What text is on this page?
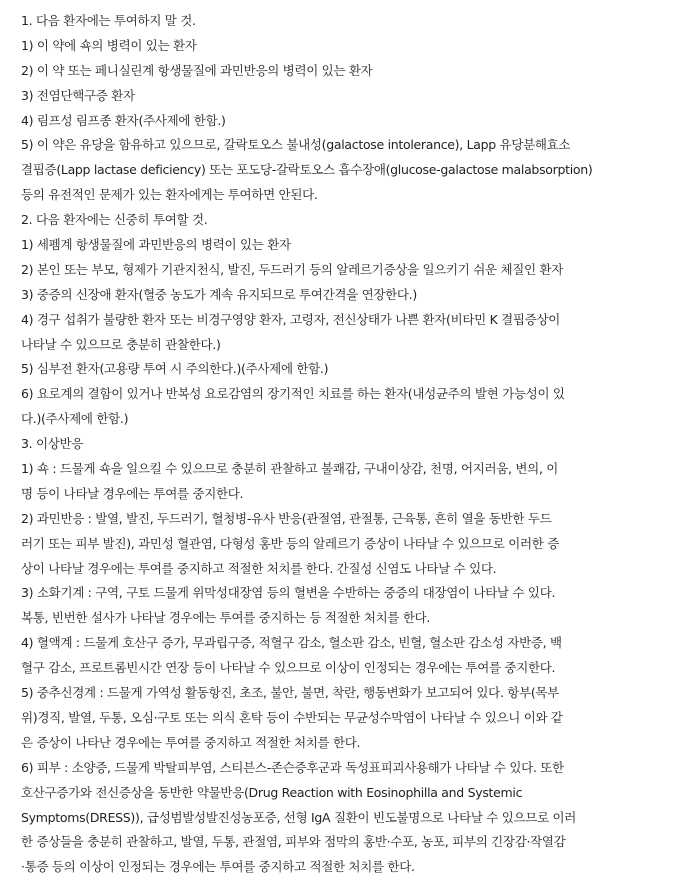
1. 다음 환자에는 투여하지 말 것.
1) 이 약에 쇽의 병력이 있는 환자
2) 이 약 또는 페니실린계 항생물질에 과민반응의 병력이 있는 환자
3) 전염단핵구증 환자
4) 림프성 림프종 환자(주사제에 한함.)
5) 이 약은 유당을 함유하고 있으므로, 갈락토오스 불내성(galactose intolerance), Lapp 유당분해효소
결핍증(Lapp lactase deficiency) 또는 포도당-갈락토오스 흡수장애(glucose-galactose malabsorption)
등의 유전적인 문제가 있는 환자에게는 투여하면 안된다.
2. 다음 환자에는 신중히 투여할 것.
1) 세펨계 항생물질에 과민반응의 병력이 있는 환자
2) 본인 또는 부모, 형제가 기관지천식, 발진, 두드러기 등의 알레르기증상을 일으키기 쉬운 체질인 환자
3) 중증의 신장애 환자(혈중 농도가 계속 유지되므로 투여간격을 연장한다.)
4) 경구 섭취가 불량한 환자 또는 비경구영양 환자, 고령자, 전신상태가 나쁜 환자(비타민 K 결핍증상이
나타날 수 있으므로 충분히 관찰한다.)
5) 심부전 환자(고용량 투여 시 주의한다.)(주사제에 한함.)
6) 요로계의 결함이 있거나 반복성 요로감염의 장기적인 치료를 하는 환자(내성균주의 발현 가능성이 있
다.)(주사제에 한함.)
3. 이상반응
1) 쇽 : 드물게 쇽을 일으킬 수 있으므로 충분히 관찰하고 불쾌감, 구내이상감, 천명, 어지러움, 변의, 이
명 등이 나타날 경우에는 투여를 중지한다.
2) 과민반응 : 발열, 발진, 두드러기, 혈청병-유사 반응(관절염, 관절통, 근육통, 흔히 열을 동반한 두드
러기 또는 피부 발진), 과민성 혈관염, 다형성 홍반 등의 알레르기 증상이 나타날 수 있으므로 이러한 증
상이 나타날 경우에는 투여를 중지하고 적절한 처치를 한다. 간질성 신염도 나타날 수 있다.
3) 소화기계 : 구역, 구토 드물게 위막성대장염 등의 혈변을 수반하는 중증의 대장염이 나타날 수 있다.
복통, 빈번한 설사가 나타날 경우에는 투여를 중지하는 등 적절한 처치를 한다.
4) 혈액계 : 드물게 호산구 증가, 무과립구증, 적혈구 감소, 혈소판 감소, 빈혈, 혈소판 감소성 자반증, 백
혈구 감소, 프로트롬빈시간 연장 등이 나타날 수 있으므로 이상이 인정되는 경우에는 투여를 중지한다.
5) 중추신경계 : 드물게 가역성 활동항진, 초조, 불안, 불면, 착란, 행동변화가 보고되어 있다. 항부(목부
위)경직, 발열, 두통, 오심·구토 또는 의식 혼탁 등이 수반되는 무균성수막염이 나타날 수 있으니 이와 같
은 증상이 나타난 경우에는 투여를 중지하고 적절한 처치를 한다.
6) 피부 : 소양증, 드물게 박탈피부염, 스티븐스-존슨증후군과 독성표피괴사용해가 나타날 수 있다. 또한
호산구증가와 전신증상을 동반한 약물반응(Drug Reaction with Eosinophilla and Systemic
Symptoms(DRESS)), 급성범발성발진성농포증, 선형 IgA 질환이 빈도불명으로 나타날 수 있으므로 이러
한 증상들을 충분히 관찰하고, 발열, 두통, 관절염, 피부와 점막의 홍반·수포, 농포, 피부의 긴장감·작열감
·통증 등의 이상이 인정되는 경우에는 투여를 중지하고 적절한 처치를 한다.
